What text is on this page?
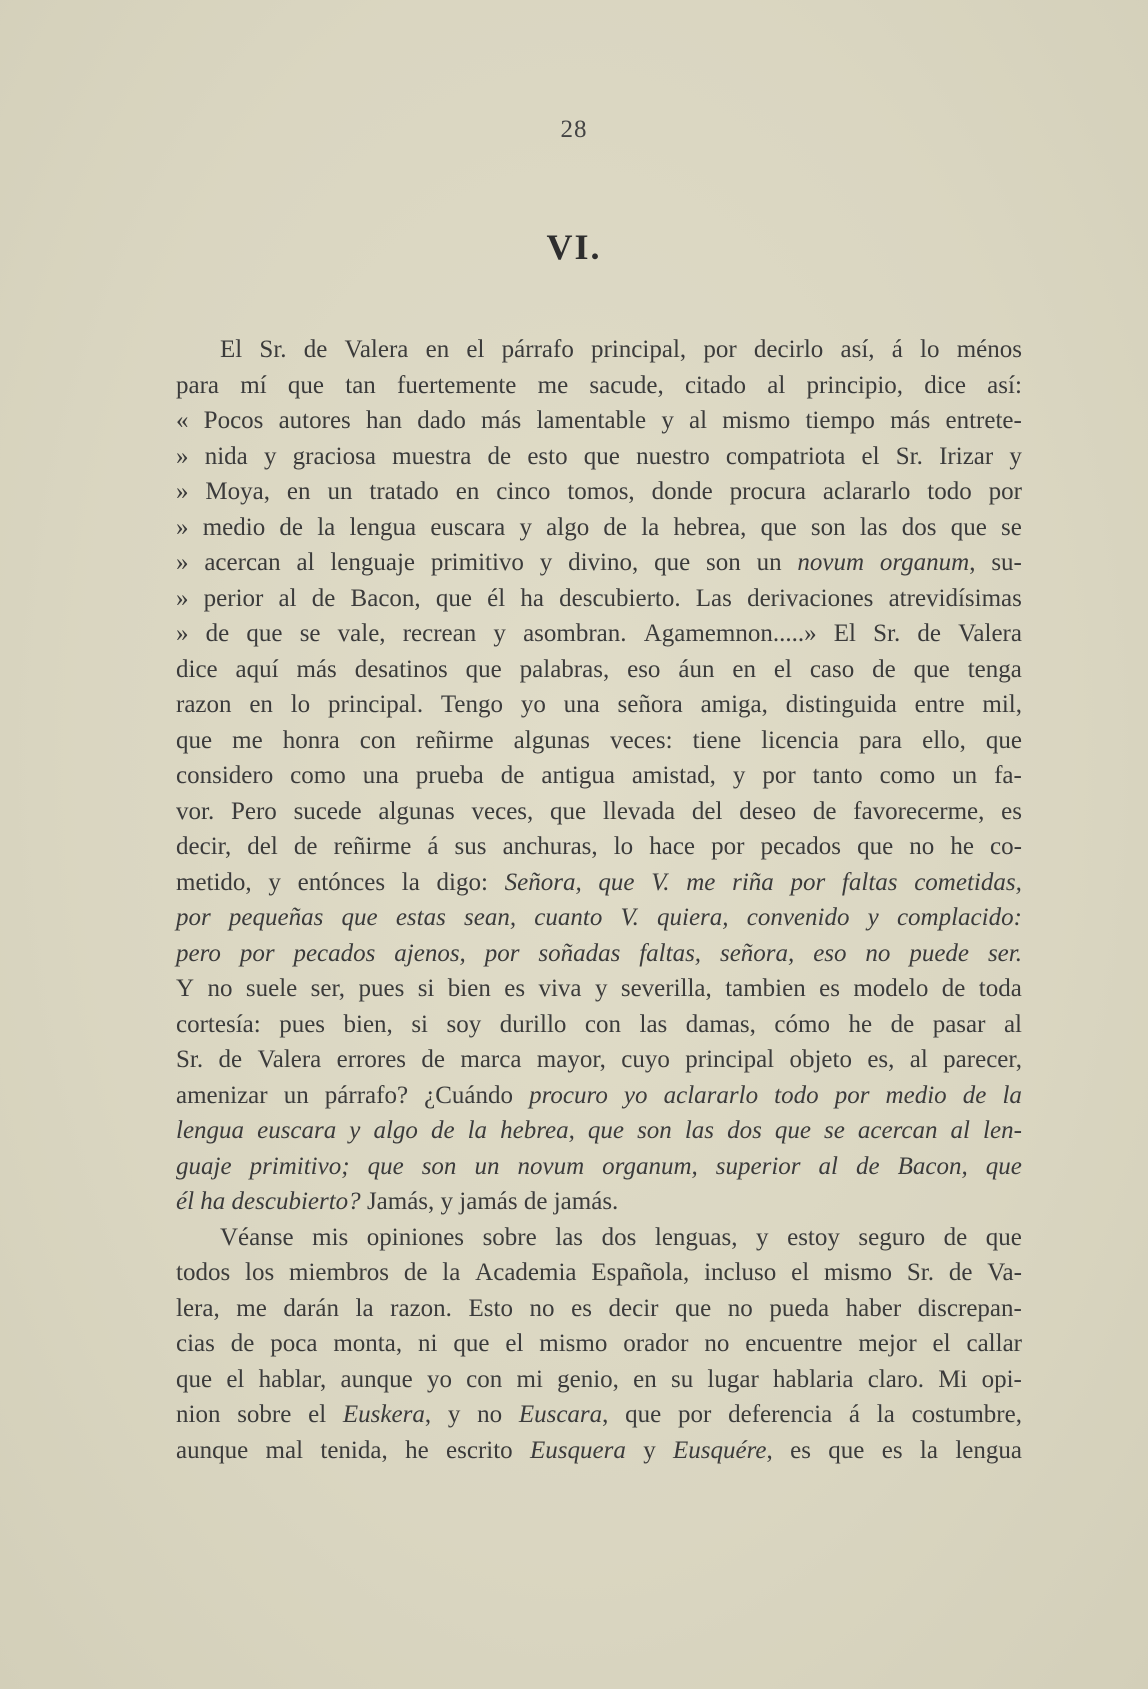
28
VI.
El Sr. de Valera en el párrafo principal, por decirlo así, á lo ménos
para mí que tan fuertemente me sacude, citado al principio, dice así:
« Pocos autores han dado más lamentable y al mismo tiempo más entrete-
» nida y graciosa muestra de esto que nuestro compatriota el Sr. Irizar y
» Moya, en un tratado en cinco tomos, donde procura aclararlo todo por
» medio de la lengua euscara y algo de la hebrea, que son las dos que se
» acercan al lenguaje primitivo y divino, que son un novum organum, su-
» perior al de Bacon, que él ha descubierto. Las derivaciones atrevidísimas
» de que se vale, recrean y asombran. Agamemnon.....» El Sr. de Valera
dice aquí más desatinos que palabras, eso áun en el caso de que tenga
razon en lo principal. Tengo yo una señora amiga, distinguida entre mil,
que me honra con reñirme algunas veces: tiene licencia para ello, que
considero como una prueba de antigua amistad, y por tanto como un fa-
vor. Pero sucede algunas veces, que llevada del deseo de favorecerme, es
decir, del de reñirme á sus anchuras, lo hace por pecados que no he co-
metido, y entónces la digo: Señora, que V. me riña por faltas cometidas,
por pequeñas que estas sean, cuanto V. quiera, convenido y complacido:
pero por pecados ajenos, por soñadas faltas, señora, eso no puede ser.
Y no suele ser, pues si bien es viva y severilla, tambien es modelo de toda
cortesía: pues bien, si soy durillo con las damas, cómo he de pasar al
Sr. de Valera errores de marca mayor, cuyo principal objeto es, al parecer,
amenizar un párrafo? ¿Cuándo procuro yo aclararlo todo por medio de la
lengua euscara y algo de la hebrea, que son las dos que se acercan al len-
guaje primitivo; que son un novum organum, superior al de Bacon, que
él ha descubierto? Jamás, y jamás de jamás.
Véanse mis opiniones sobre las dos lenguas, y estoy seguro de que
todos los miembros de la Academia Española, incluso el mismo Sr. de Va-
lera, me darán la razon. Esto no es decir que no pueda haber discrepan-
cias de poca monta, ni que el mismo orador no encuentre mejor el callar
que el hablar, aunque yo con mi genio, en su lugar hablaria claro. Mi opi-
nion sobre el Euskera, y no Euscara, que por deferencia á la costumbre,
aunque mal tenida, he escrito Eusquera y Eusquére, es que es la lengua
